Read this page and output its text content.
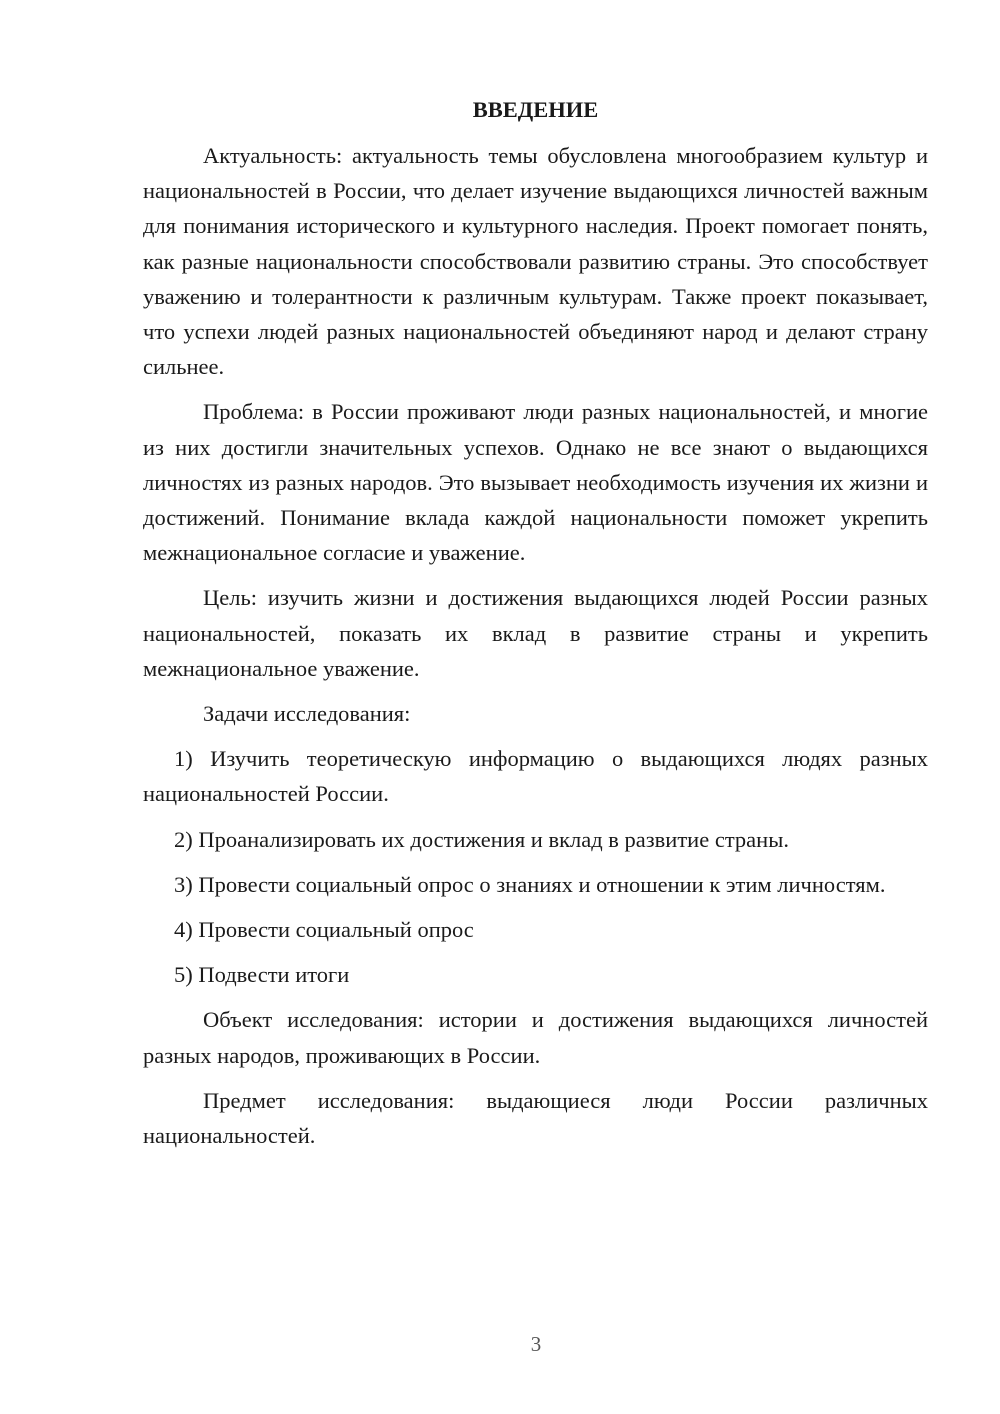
ВВЕДЕНИЕ

Актуальность: актуальность темы обусловлена многообразием культур и национальностей в России, что делает изучение выдающихся личностей важным для понимания исторического и культурного наследия. Проект помогает понять, как разные национальности способствовали развитию страны. Это способствует уважению и толерантности к различным культурам. Также проект показывает, что успехи людей разных национальностей объединяют народ и делают страну сильнее.

Проблема: в России проживают люди разных национальностей, и многие из них достигли значительных успехов. Однако не все знают о выдающихся личностях из разных народов. Это вызывает необходимость изучения их жизни и достижений. Понимание вклада каждой национальности поможет укрепить межнациональное согласие и уважение.

Цель: изучить жизни и достижения выдающихся людей России разных национальностей, показать их вклад в развитие страны и укрепить межнациональное уважение.

Задачи исследования:

1) Изучить теоретическую информацию о выдающихся людях разных национальностей России.

2) Проанализировать их достижения и вклад в развитие страны.

3) Провести социальный опрос о знаниях и отношении к этим личностям.

4) Провести социальный опрос

5) Подвести итоги

Объект исследования: истории и достижения выдающихся личностей разных народов, проживающих в России.

Предмет исследования: выдающиеся люди России различных национальностей.

3
